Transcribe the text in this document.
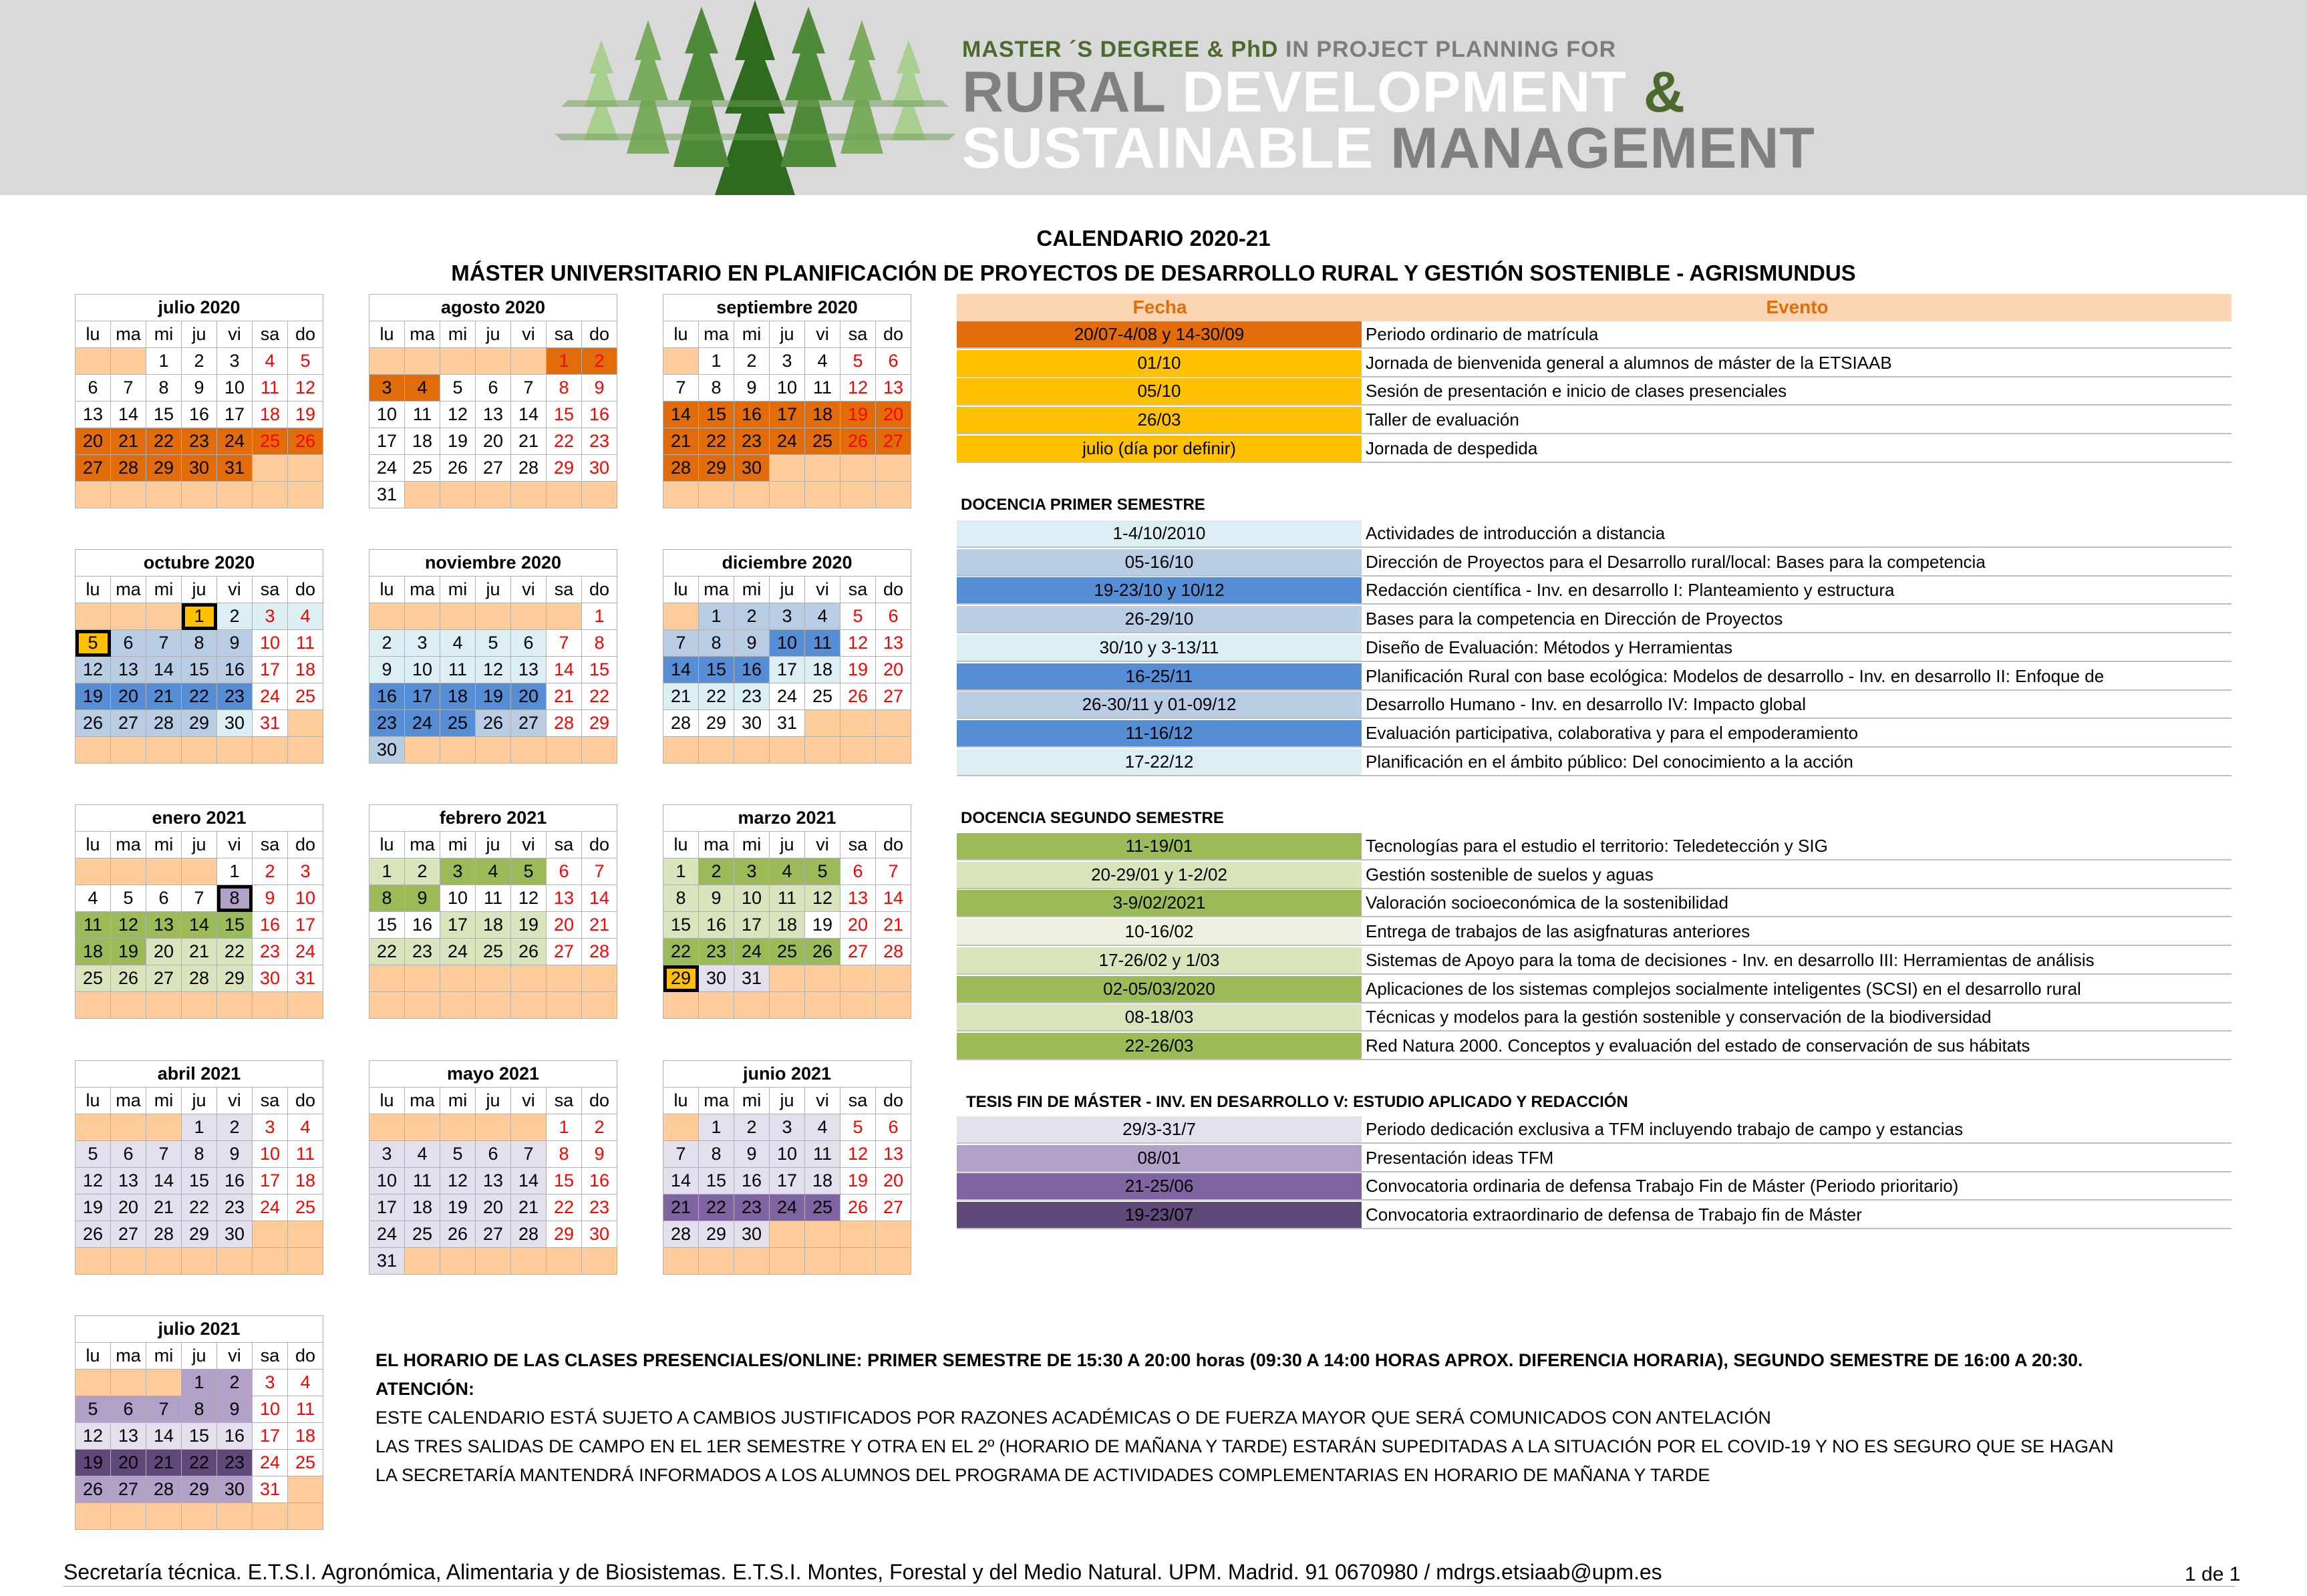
MASTER ´S DEGREE & PhD IN PROJECT PLANNING FOR
RURAL DEVELOPMENT &
SUSTAINABLE MANAGEMENT
CALENDARIO 2020-21
MÁSTER UNIVERSITARIO EN PLANIFICACIÓN DE PROYECTOS DE DESARROLLO RURAL Y GESTIÓN SOSTENIBLE - AGRISMUNDUS
julio 2020						
lu	ma	mi	ju	vi	sa	do
		1	2	3	4	5
6	7	8	9	10	11	12
13	14	15	16	17	18	19
20	21	22	23	24	25	26
27	28	29	30	31		

agosto 2020						
lu	ma	mi	ju	vi	sa	do
					1	2
3	4	5	6	7	8	9
10	11	12	13	14	15	16
17	18	19	20	21	22	23
24	25	26	27	28	29	30
31						
septiembre 2020						
lu	ma	mi	ju	vi	sa	do
	1	2	3	4	5	6
7	8	9	10	11	12	13
14	15	16	17	18	19	20
21	22	23	24	25	26	27
28	29	30				

octubre 2020						
lu	ma	mi	ju	vi	sa	do
			1	2	3	4
5	6	7	8	9	10	11
12	13	14	15	16	17	18
19	20	21	22	23	24	25
26	27	28	29	30	31	

noviembre 2020						
lu	ma	mi	ju	vi	sa	do
						1
2	3	4	5	6	7	8
9	10	11	12	13	14	15
16	17	18	19	20	21	22
23	24	25	26	27	28	29
30						
diciembre 2020						
lu	ma	mi	ju	vi	sa	do
	1	2	3	4	5	6
7	8	9	10	11	12	13
14	15	16	17	18	19	20
21	22	23	24	25	26	27
28	29	30	31			

enero 2021						
lu	ma	mi	ju	vi	sa	do
				1	2	3
4	5	6	7	8	9	10
11	12	13	14	15	16	17
18	19	20	21	22	23	24
25	26	27	28	29	30	31

febrero 2021						
lu	ma	mi	ju	vi	sa	do
1	2	3	4	5	6	7
8	9	10	11	12	13	14
15	16	17	18	19	20	21
22	23	24	25	26	27	28

marzo 2021						
lu	ma	mi	ju	vi	sa	do
1	2	3	4	5	6	7
8	9	10	11	12	13	14
15	16	17	18	19	20	21
22	23	24	25	26	27	28
29	30	31				

abril 2021						
lu	ma	mi	ju	vi	sa	do
			1	2	3	4
5	6	7	8	9	10	11
12	13	14	15	16	17	18
19	20	21	22	23	24	25
26	27	28	29	30		

mayo 2021						
lu	ma	mi	ju	vi	sa	do
					1	2
3	4	5	6	7	8	9
10	11	12	13	14	15	16
17	18	19	20	21	22	23
24	25	26	27	28	29	30
31						
junio 2021						
lu	ma	mi	ju	vi	sa	do
	1	2	3	4	5	6
7	8	9	10	11	12	13
14	15	16	17	18	19	20
21	22	23	24	25	26	27
28	29	30				

julio 2021						
lu	ma	mi	ju	vi	sa	do
			1	2	3	4
5	6	7	8	9	10	11
12	13	14	15	16	17	18
19	20	21	22	23	24	25
26	27	28	29	30	31	

Fecha	Evento
20/07-4/08 y 14-30/09	Periodo ordinario de matrícula
01/10	Jornada de bienvenida general a alumnos de máster de la ETSIAAB
05/10	Sesión de presentación e inicio de clases presenciales
26/03	Taller de evaluación
julio (día por definir)	Jornada de despedida
1-4/10/2010	Actividades de introducción a distancia
05-16/10	Dirección de Proyectos para el Desarrollo rural/local: Bases para la competencia
19-23/10 y 10/12	Redacción científica - Inv. en desarrollo I: Planteamiento y estructura
26-29/10	Bases para la competencia en Dirección de Proyectos
30/10 y 3-13/11	Diseño de Evaluación: Métodos y Herramientas
16-25/11	Planificación Rural con base ecológica: Modelos de desarrollo - Inv. en desarrollo II: Enfoque de
26-30/11 y 01-09/12	Desarrollo Humano - Inv. en desarrollo IV: Impacto global
11-16/12	Evaluación participativa, colaborativa y para el empoderamiento
17-22/12	Planificación en el ámbito público: Del conocimiento a la acción
11-19/01	Tecnologías para el estudio el territorio: Teledetección y SIG
20-29/01 y 1-2/02	Gestión sostenible de suelos y aguas
3-9/02/2021	Valoración socioeconómica de la sostenibilidad
10-16/02	Entrega de trabajos de las asigfnaturas anteriores
17-26/02 y 1/03	Sistemas de Apoyo para la toma de decisiones - Inv. en desarrollo III: Herramientas de análisis
02-05/03/2020	Aplicaciones de los sistemas complejos socialmente inteligentes (SCSI) en el desarrollo rural
08-18/03	Técnicas y modelos para la gestión sostenible y conservación de la biodiversidad
22-26/03	Red Natura 2000. Conceptos y evaluación del estado de conservación de sus hábitats
29/3-31/7	Periodo dedicación exclusiva a TFM incluyendo trabajo de campo y estancias
08/01	Presentación ideas TFM
21-25/06	Convocatoria ordinaria de defensa Trabajo Fin de Máster (Periodo prioritario)
19-23/07	Convocatoria extraordinario de defensa de Trabajo fin de Máster
DOCENCIA PRIMER SEMESTRE
DOCENCIA SEGUNDO SEMESTRE
TESIS FIN DE MÁSTER - INV. EN DESARROLLO V: ESTUDIO APLICADO Y REDACCIÓN
EL HORARIO DE LAS CLASES PRESENCIALES/ONLINE: PRIMER SEMESTRE DE 15:30 A 20:00 horas (09:30 A 14:00 HORAS APROX. DIFERENCIA HORARIA), SEGUNDO SEMESTRE DE 16:00 A 20:30.
ATENCIÓN:
ESTE CALENDARIO ESTÁ SUJETO A CAMBIOS JUSTIFICADOS POR RAZONES ACADÉMICAS O DE FUERZA MAYOR QUE SERÁ COMUNICADOS CON ANTELACIÓN
LAS TRES SALIDAS DE CAMPO EN EL 1ER SEMESTRE Y OTRA EN EL 2º (HORARIO DE MAÑANA Y TARDE) ESTARÁN SUPEDITADAS A LA SITUACIÓN POR EL COVID-19 Y NO ES SEGURO QUE SE HAGAN
LA SECRETARÍA MANTENDRÁ INFORMADOS A LOS ALUMNOS DEL PROGRAMA DE ACTIVIDADES COMPLEMENTARIAS EN HORARIO DE MAÑANA Y TARDE
Secretaría técnica. E.T.S.I. Agronómica, Alimentaria y de Biosistemas. E.T.S.I. Montes, Forestal y del Medio Natural. UPM. Madrid. 91 0670980 / mdrgs.etsiaab@upm.es	1 de 1
